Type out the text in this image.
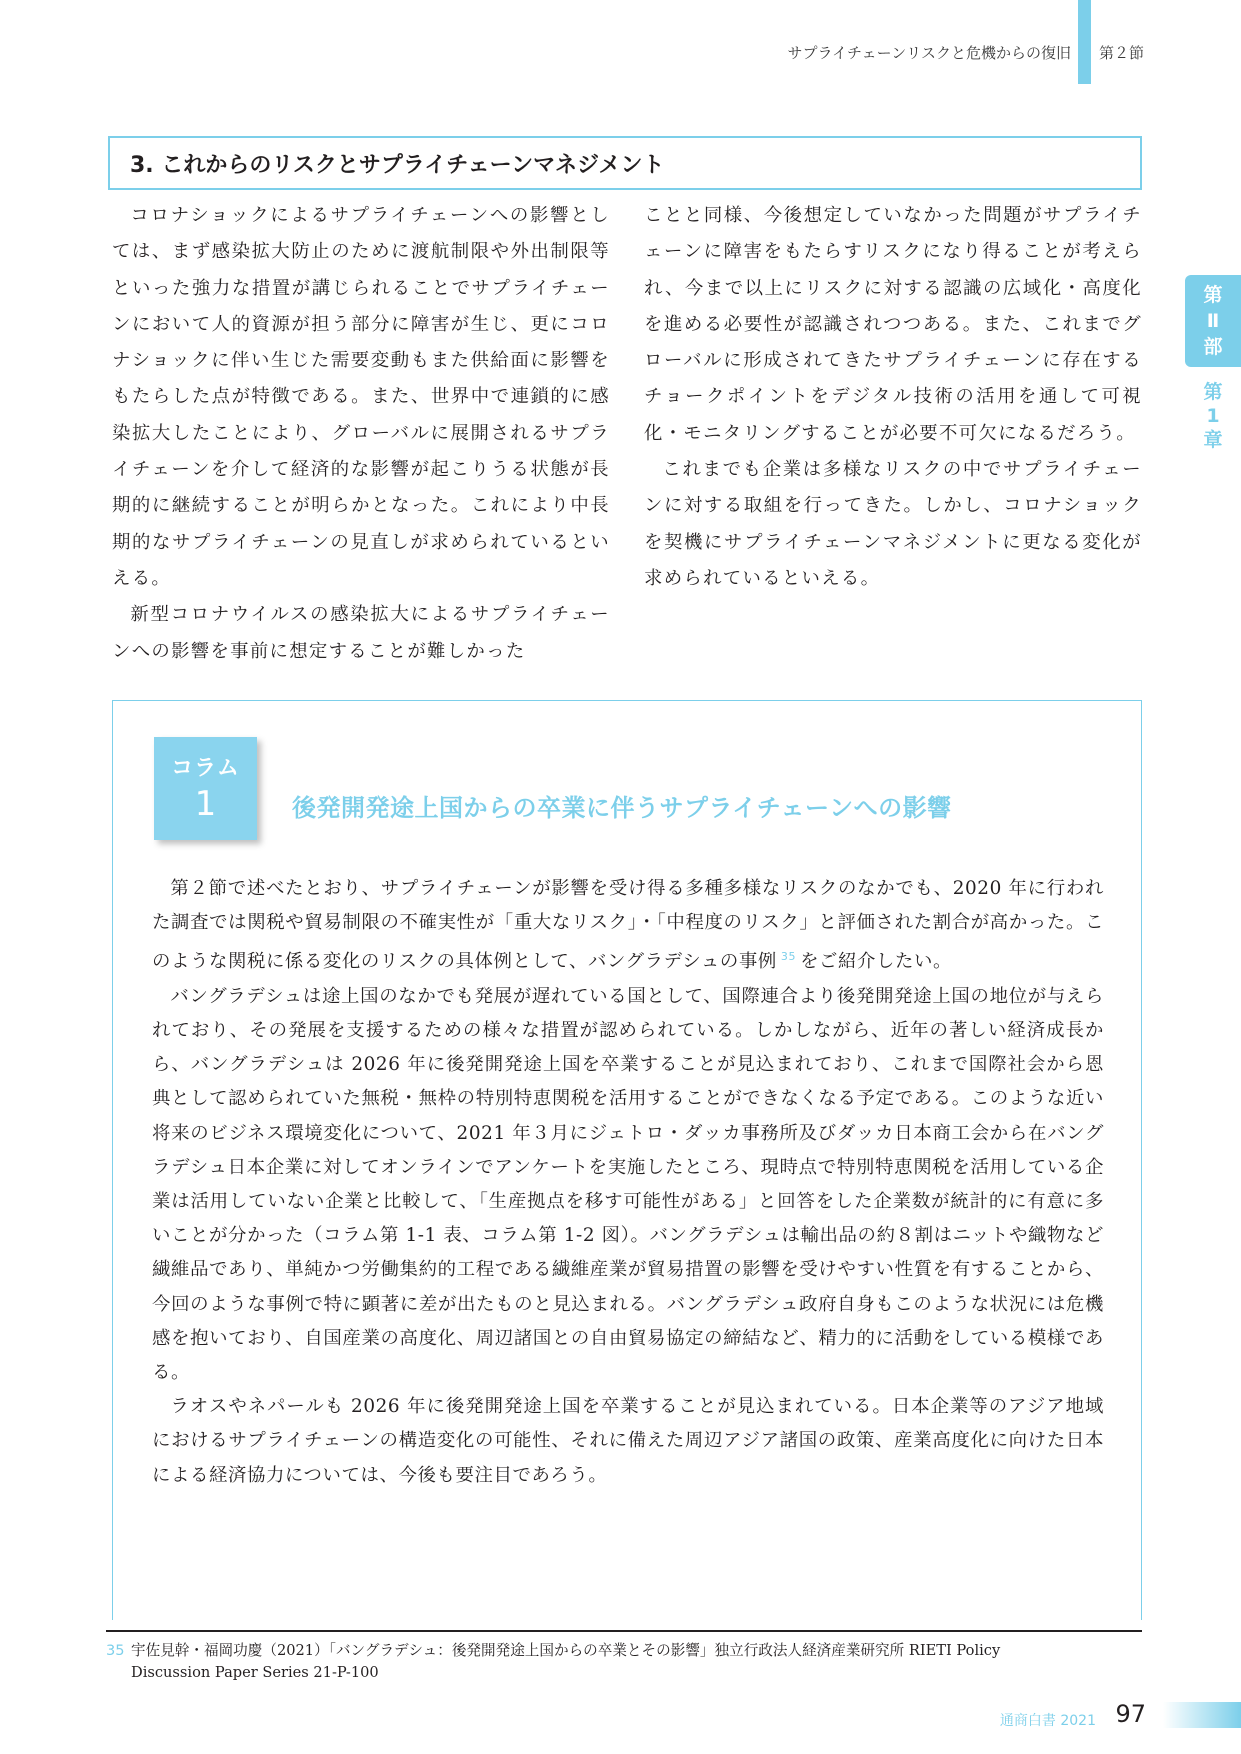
サプライチェーンリスクと危機からの復旧 第２節
第
Ⅱ
部
第
1
章
3. これからのリスクとサプライチェーンマネジメント

コロナショックによるサプライチェーンへの影響としては、まず感染拡大防止のために渡航制限や外出制限等といった強力な措置が講じられることでサプライチェーンにおいて人的資源が担う部分に障害が生じ、更にコロナショックに伴い生じた需要変動もまた供給面に影響をもたらした点が特徴である。また、世界中で連鎖的に感染拡大したことにより、グローバルに展開されるサプライチェーンを介して経済的な影響が起こりうる状態が長期的に継続することが明らかとなった。これにより中長期的なサプライチェーンの見直しが求められているといえる。

新型コロナウイルスの感染拡大によるサプライチェーンへの影響を事前に想定することが難しかった

ことと同様、今後想定していなかった問題がサプライチェーンに障害をもたらすリスクになり得ることが考えられ、今まで以上にリスクに対する認識の広域化・高度化を進める必要性が認識されつつある。また、これまでグローバルに形成されてきたサプライチェーンに存在するチョークポイントをデジタル技術の活用を通して可視化・モニタリングすることが必要不可欠になるだろう。

これまでも企業は多様なリスクの中でサプライチェーンに対する取組を行ってきた。しかし、コロナショックを契機にサプライチェーンマネジメントに更なる変化が求められているといえる。

コラム
1	後発開発途上国からの卒業に伴うサプライチェーンへの影響

第２節で述べたとおり、サプライチェーンが影響を受け得る多種多様なリスクのなかでも、2020 年に行われた調査では関税や貿易制限の不確実性が「重大なリスク」・「中程度のリスク」と評価された割合が高かった。このような関税に係る変化のリスクの具体例として、バングラデシュの事例 $^{35}$ をご紹介したい。

バングラデシュは途上国のなかでも発展が遅れている国として、国際連合より後発開発途上国の地位が与えられており、その発展を支援するための様々な措置が認められている。しかしながら、近年の著しい経済成長から、バングラデシュは 2026 年に後発開発途上国を卒業することが見込まれており、これまで国際社会から恩典として認められていた無税・無枠の特別特恵関税を活用することができなくなる予定である。このような近い将来のビジネス環境変化について、2021 年３月にジェトロ・ダッカ事務所及びダッカ日本商工会から在バングラデシュ日本企業に対してオンラインでアンケートを実施したところ、現時点で特別特恵関税を活用している企業は活用していない企業と比較して、「生産拠点を移す可能性がある」と回答をした企業数が統計的に有意に多いことが分かった（コラム第 1-1 表、コラム第 1-2 図）。バングラデシュは輸出品の約８割はニットや織物など繊維品であり、単純かつ労働集約的工程である繊維産業が貿易措置の影響を受けやすい性質を有することから、今回のような事例で特に顕著に差が出たものと見込まれる。バングラデシュ政府自身もこのような状況には危機感を抱いており、自国産業の高度化、周辺諸国との自由貿易協定の締結など、精力的に活動をしている模様である。

ラオスやネパールも 2026 年に後発開発途上国を卒業することが見込まれている。日本企業等のアジア地域におけるサプライチェーンの構造変化の可能性、それに備えた周辺アジア諸国の政策、産業高度化に向けた日本による経済協力については、今後も要注目であろう。

35 宇佐見幹・福岡功慶（2021）「バングラデシュ：後発開発途上国からの卒業とその影響」独立行政法人経済産業研究所 RIETI Policy
Discussion Paper Series 21-P-100
通商白書 2021 97
